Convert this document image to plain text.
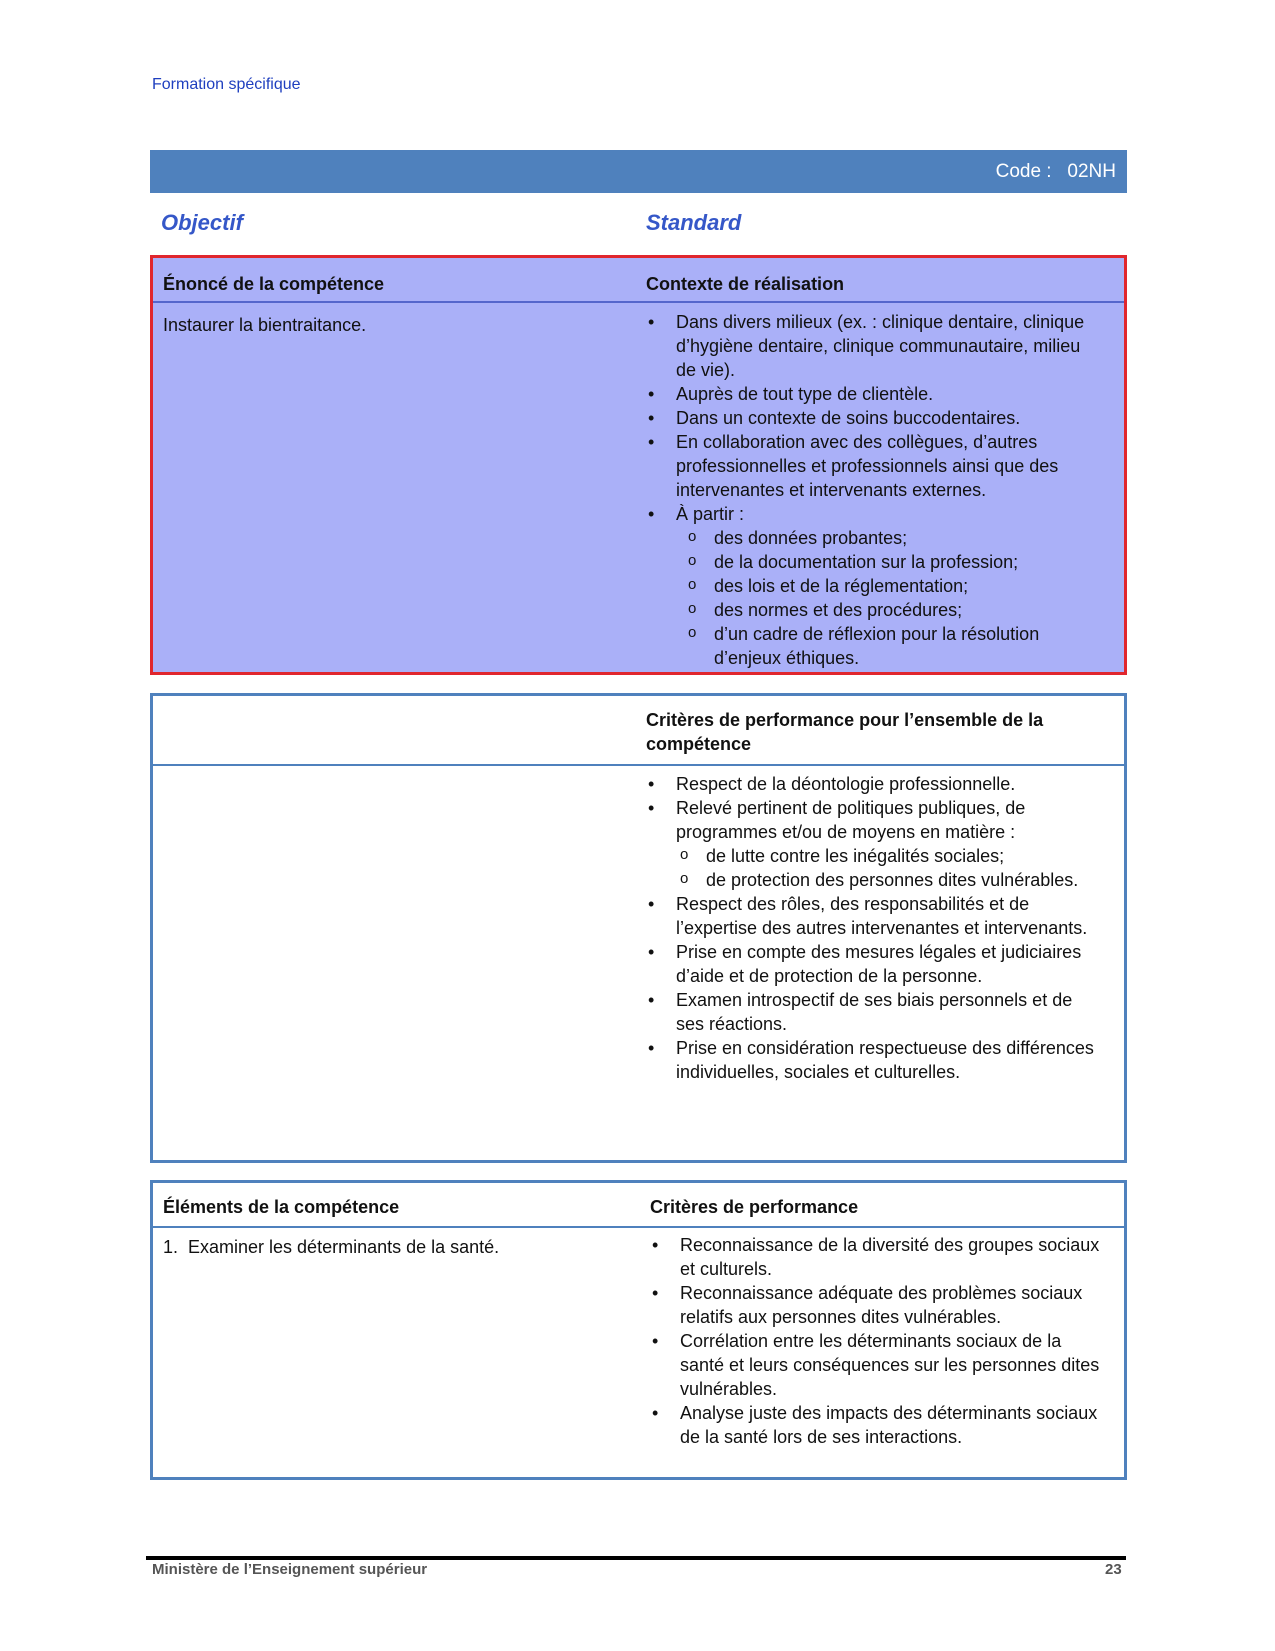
Formation spécifique
Code :   02NH
Objectif	Standard
Énoncé de la compétence	Contexte de réalisation
Instaurer la bientraitance.	• Dans divers milieux (ex. : clinique dentaire, clinique d’hygiène dentaire, clinique communautaire, milieu de vie).
• Auprès de tout type de clientèle.
• Dans un contexte de soins buccodentaires.
• En collaboration avec des collègues, d’autres professionnelles et professionnels ainsi que des intervenantes et intervenants externes.
• À partir :
o des données probantes;
o de la documentation sur la profession;
o des lois et de la réglementation;
o des normes et des procédures;
o d’un cadre de réflexion pour la résolution d’enjeux éthiques.
Critères de performance pour l’ensemble de la compétence
• Respect de la déontologie professionnelle.
• Relevé pertinent de politiques publiques, de programmes et/ou de moyens en matière :
o de lutte contre les inégalités sociales;
o de protection des personnes dites vulnérables.
• Respect des rôles, des responsabilités et de l’expertise des autres intervenantes et intervenants.
• Prise en compte des mesures légales et judiciaires d’aide et de protection de la personne.
• Examen introspectif de ses biais personnels et de ses réactions.
• Prise en considération respectueuse des différences individuelles, sociales et culturelles.
Éléments de la compétence	Critères de performance
1.  Examiner les déterminants de la santé.	• Reconnaissance de la diversité des groupes sociaux et culturels.
• Reconnaissance adéquate des problèmes sociaux relatifs aux personnes dites vulnérables.
• Corrélation entre les déterminants sociaux de la santé et leurs conséquences sur les personnes dites vulnérables.
• Analyse juste des impacts des déterminants sociaux de la santé lors de ses interactions.
Ministère de l’Enseignement supérieur	23
